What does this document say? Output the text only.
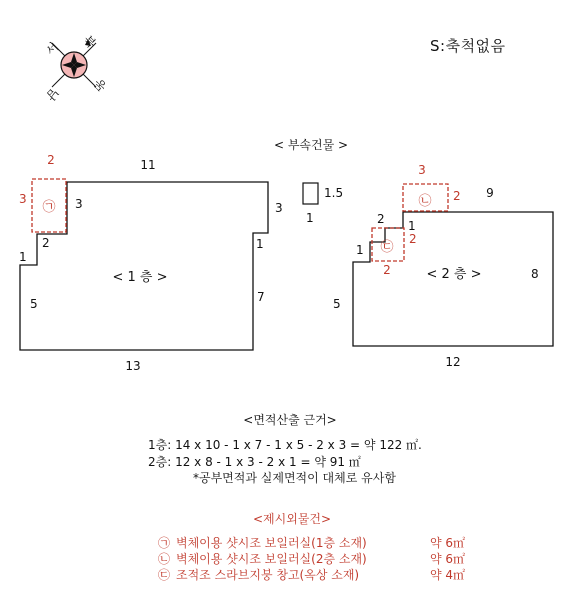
북
서
동
남
S:축척없음
< 부속건물 >
11
3
2
1
5
13
7
1
3
< 1 층 >
2
3
㉠
1.5
1
9
1
2
1
5
12
8
< 2 층 >
3
2
㉡
2
2
㉢
<면적산출 근거>
1층: 14 x 10 - 1 x 7 - 1 x 5 - 2 x 3 = 약 122 ㎡.
2층: 12 x 8 - 1 x 3 - 2 x 1 = 약 91 ㎡
*공부면적과 실제면적이 대체로 유사함
<제시외물건>
㉠ 벽체이용 샷시조 보일러실(1층 소재)	약 6㎡
㉡ 벽체이용 샷시조 보일러실(2층 소재)	약 6㎡
㉢ 조적조 스라브지붕 창고(옥상 소재)	약 4㎡
